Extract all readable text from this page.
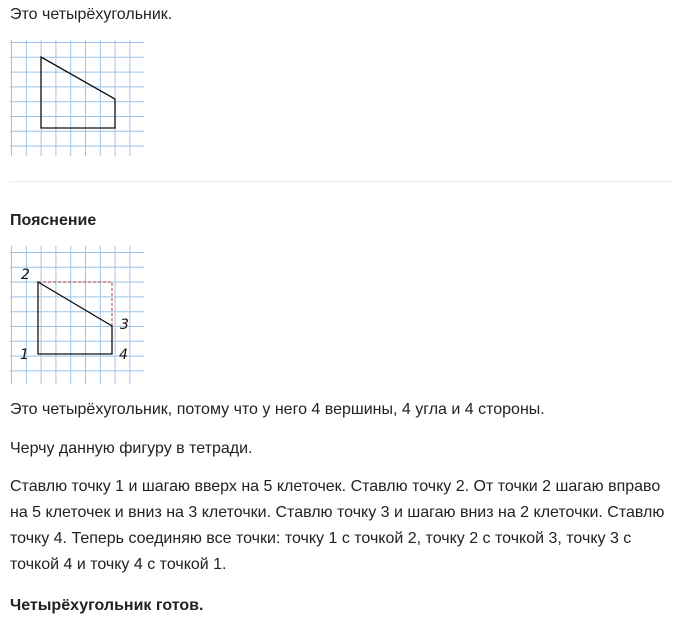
Это четырёхугольник.
Пояснение
1
2
3
4
Это четырёхугольник, потому что у него 4 вершины, 4 угла и 4 стороны.
Черчу данную фигуру в тетради.
Ставлю точку 1 и шагаю вверх на 5 клеточек. Ставлю точку 2. От точки 2 шагаю вправо на 5 клеточек и вниз на 3 клеточки. Ставлю точку 3 и шагаю вниз на 2 клеточки. Ставлю точку 4. Теперь соединяю все точки: точку 1 с точкой 2, точку 2 с точкой 3, точку 3 с точкой 4 и точку 4 с точкой 1.
Четырёхугольник готов.
